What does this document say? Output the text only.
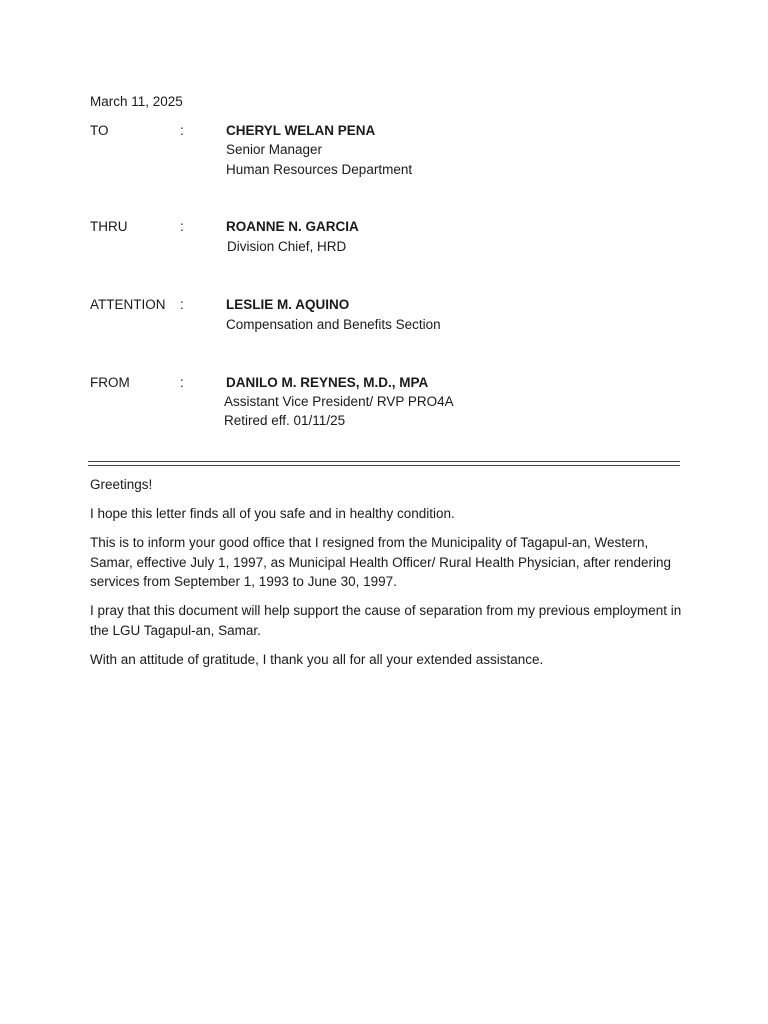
March 11, 2025
TO	:	CHERYL WELAN PENA
Senior Manager
Human Resources Department
THRU	:	ROANNE N. GARCIA
Division Chief, HRD
ATTENTION :	LESLIE M. AQUINO
Compensation and Benefits Section
FROM	:	DANILO M. REYNES, M.D., MPA
Assistant Vice President/ RVP PRO4A
Retired eff. 01/11/25

Greetings!

I hope this letter finds all of you safe and in healthy condition.

This is to inform your good office that I resigned from the Municipality of Tagapul-an, Western, Samar, effective July 1, 1997, as Municipal Health Officer/ Rural Health Physician, after rendering services from September 1, 1993 to June 30, 1997.

I pray that this document will help support the cause of separation from my previous employment in the LGU Tagapul-an, Samar.

With an attitude of gratitude, I thank you all for all your extended assistance.
